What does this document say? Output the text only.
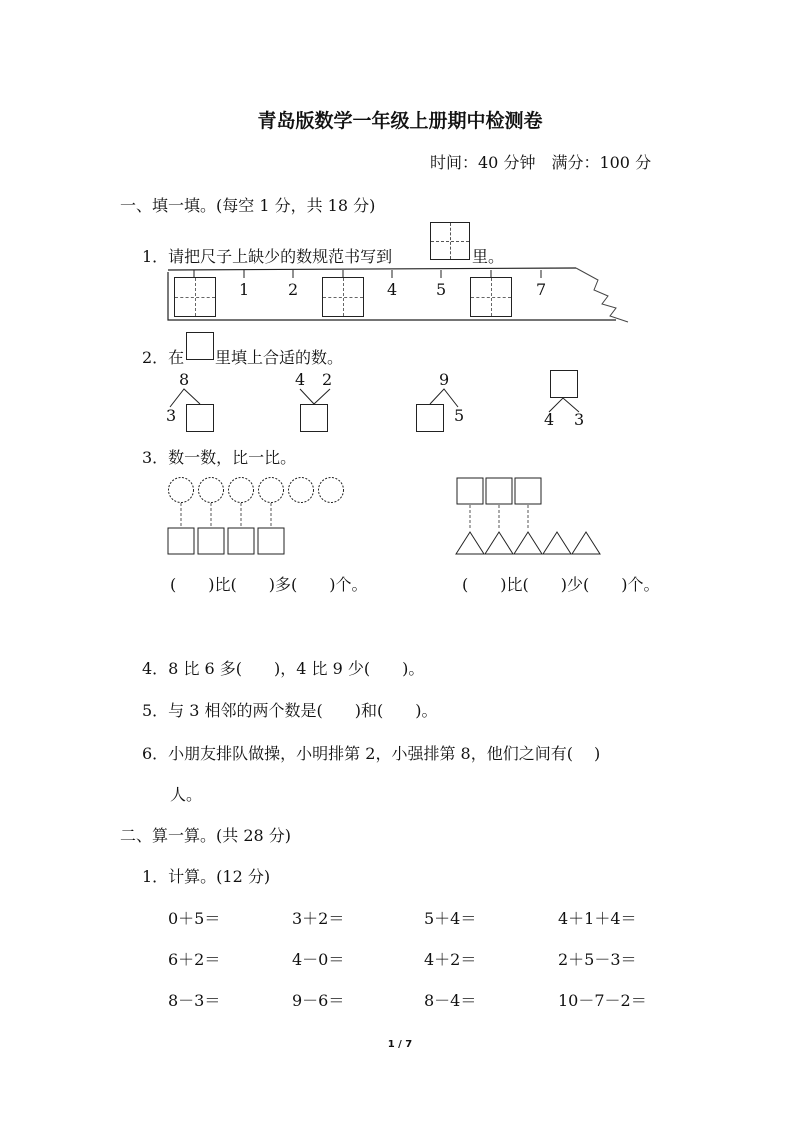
青岛版数学一年级上册期中检测卷
时间：40 分钟　满分：100 分
一、填一填。(每空 1 分，共 18 分)
1．请把尺子上缺少的数规范书写到	里。
1 2	4 5	7
2．在 里填上合适的数。
8
3
4 2	9
5	4 3
3．数一数，比一比。
(　　)比(　　)多(　　)个。	(　　)比(　　)少(　　)个。
4．8 比 6 多(　　)，4 比 9 少(　　)。
5．与 3 相邻的两个数是(　　)和(　　)。
6．小朋友排队做操，小明排第 2，小强排第 8，他们之间有(　 )
人。
二、算一算。(共 28 分)
1．计算。(12 分)
0＋5＝	3＋2＝	5＋4＝	4＋1＋4＝
6＋2＝	4－0＝	4＋2＝	2＋5－3＝
8－3＝	9－6＝	8－4＝	10－7－2＝
1 / 7
